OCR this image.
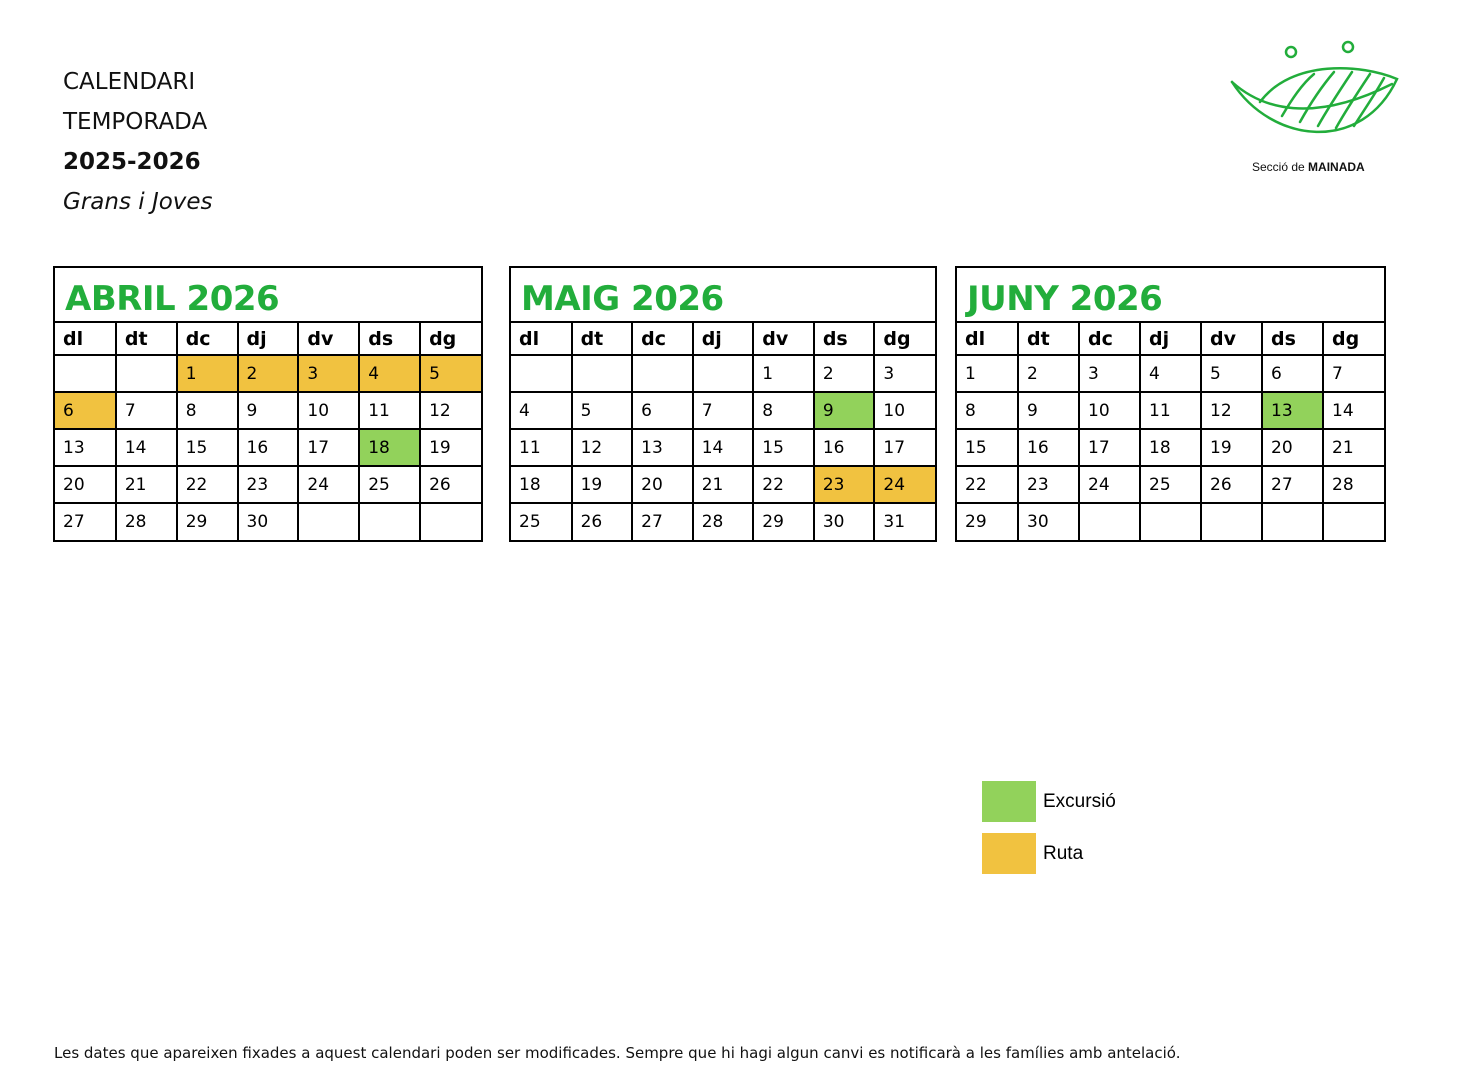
CALENDARI
TEMPORADA
2025-2026
Grans i Joves
Secció de MAINADA
ABRIL 2026
dl	dt	dc	dj	dv	ds	dg
		1	2	3	4	5
6	7	8	9	10	11	12
13	14	15	16	17	18	19
20	21	22	23	24	25	26
27	28	29	30			
MAIG 2026
dl	dt	dc	dj	dv	ds	dg
				1	2	3
4	5	6	7	8	9	10
11	12	13	14	15	16	17
18	19	20	21	22	23	24
25	26	27	28	29	30	31
JUNY 2026
dl	dt	dc	dj	dv	ds	dg
1	2	3	4	5	6	7
8	9	10	11	12	13	14
15	16	17	18	19	20	21
22	23	24	25	26	27	28
29	30					
Excursió
Ruta
Les dates que apareixen fixades a aquest calendari poden ser modificades. Sempre que hi hagi algun canvi es notificarà a les famílies amb antelació.
